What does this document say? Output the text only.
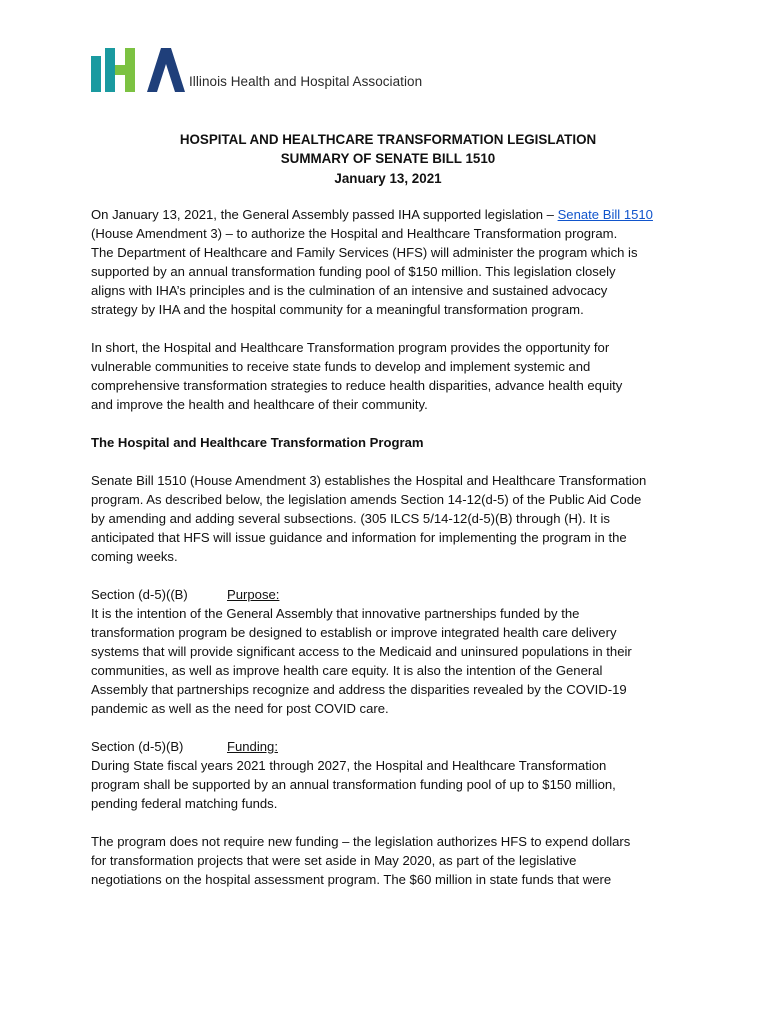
Illinois Health and Hospital Association
HOSPITAL AND HEALTHCARE TRANSFORMATION LEGISLATION
SUMMARY OF SENATE BILL 1510
January 13, 2021

On January 13, 2021, the General Assembly passed IHA supported legislation – Senate Bill 1510
(House Amendment 3) – to authorize the Hospital and Healthcare Transformation program.
The Department of Healthcare and Family Services (HFS) will administer the program which is
supported by an annual transformation funding pool of $150 million. This legislation closely
aligns with IHA’s principles and is the culmination of an intensive and sustained advocacy
strategy by IHA and the hospital community for a meaningful transformation program.

In short, the Hospital and Healthcare Transformation program provides the opportunity for
vulnerable communities to receive state funds to develop and implement systemic and
comprehensive transformation strategies to reduce health disparities, advance health equity
and improve the health and healthcare of their community.

The Hospital and Healthcare Transformation Program

Senate Bill 1510 (House Amendment 3) establishes the Hospital and Healthcare Transformation
program. As described below, the legislation amends Section 14-12(d-5) of the Public Aid Code
by amending and adding several subsections. (305 ILCS 5/14-12(d-5)(B) through (H). It is
anticipated that HFS will issue guidance and information for implementing the program in the
coming weeks.

Section (d-5)((B)	Purpose:
It is the intention of the General Assembly that innovative partnerships funded by the
transformation program be designed to establish or improve integrated health care delivery
systems that will provide significant access to the Medicaid and uninsured populations in their
communities, as well as improve health care equity. It is also the intention of the General
Assembly that partnerships recognize and address the disparities revealed by the COVID-19
pandemic as well as the need for post COVID care.

Section (d-5)(B)	Funding:
During State fiscal years 2021 through 2027, the Hospital and Healthcare Transformation
program shall be supported by an annual transformation funding pool of up to $150 million,
pending federal matching funds.

The program does not require new funding – the legislation authorizes HFS to expend dollars
for transformation projects that were set aside in May 2020, as part of the legislative
negotiations on the hospital assessment program. The $60 million in state funds that were
